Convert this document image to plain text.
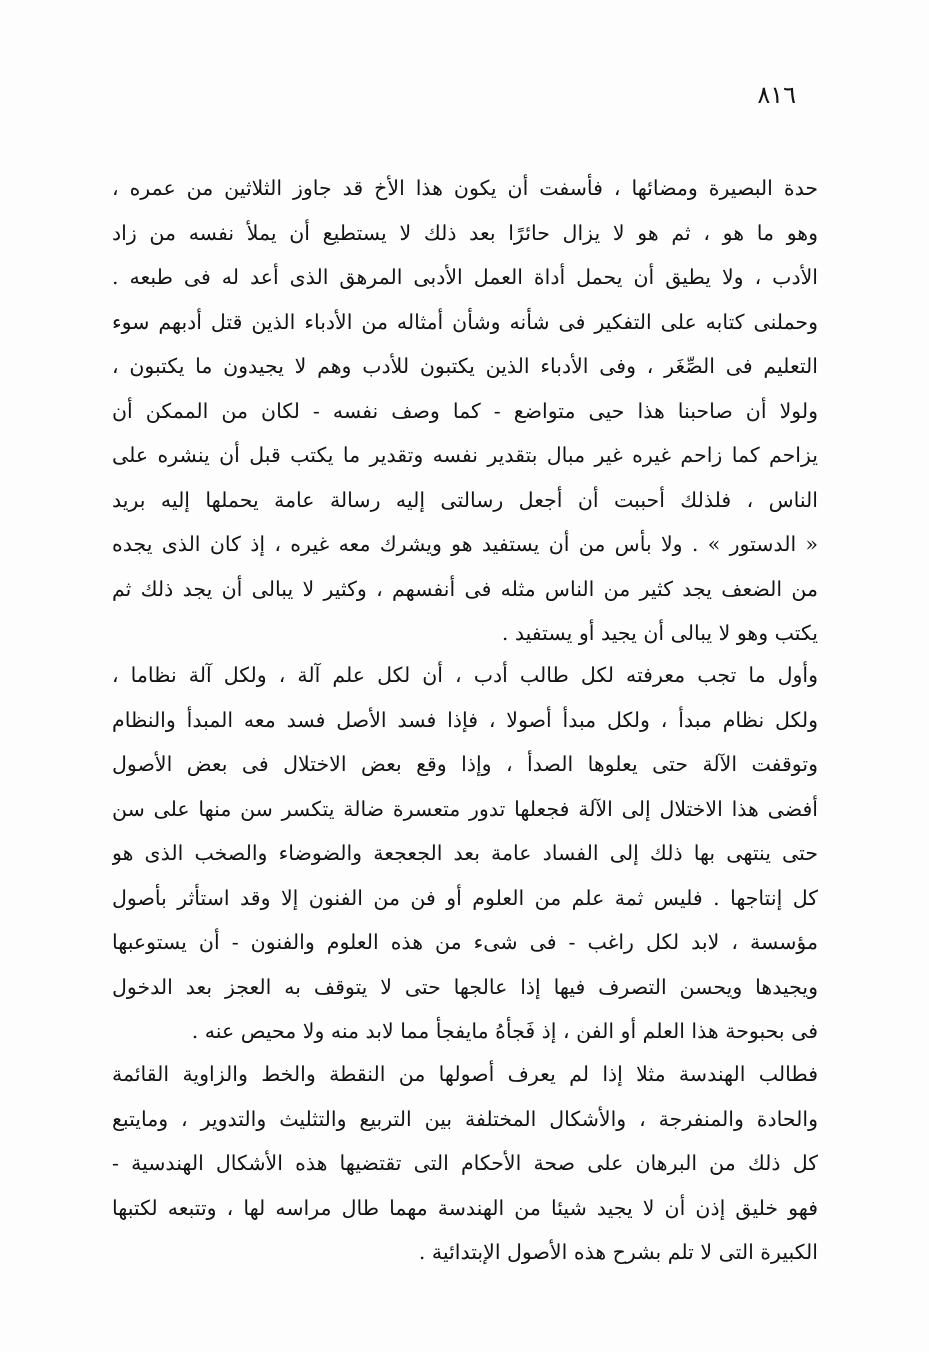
٨١٦
حدة البصيرة ومضائها ، فأسفت أن يكون هذا الأخ قد جاوز الثلاثين من عمره ،
وهو ما هو ، ثم هو لا يزال حائرًا بعد ذلك لا يستطيع أن يملأ نفسه من زاد
الأدب ، ولا يطيق أن يحمل أداة العمل الأدبى المرهق الذى أعد له فى طبعه .
وحملنى كتابه على التفكير فى شأنه وشأن أمثاله من الأدباء الذين قتل أدبهم سوء
التعليم فى الصِّغَر ، وفى الأدباء الذين يكتبون للأدب وهم لا يجيدون ما يكتبون ،
ولولا أن صاحبنا هذا حيى متواضع - كما وصف نفسه - لكان من الممكن أن
يزاحم كما زاحم غيره غير مبال بتقدير نفسه وتقدير ما يكتب قبل أن ينشره على
الناس ، فلذلك أحببت أن أجعل رسالتى إليه رسالة عامة يحملها إليه بريد
« الدستور » . ولا بأس من أن يستفيد هو ويشرك معه غيره ، إذ كان الذى يجده
من الضعف يجد كثير من الناس مثله فى أنفسهم ، وكثير لا يبالى أن يجد ذلك ثم
يكتب وهو لا يبالى أن يجيد أو يستفيد .
وأول ما تجب معرفته لكل طالب أدب ، أن لكل علم آلة ، ولكل آلة نظاما ،
ولكل نظام مبدأ ، ولكل مبدأ أصولا ، فإذا فسد الأصل فسد معه المبدأ والنظام
وتوقفت الآلة حتى يعلوها الصدأ ، وإذا وقع بعض الاختلال فى بعض الأصول
أفضى هذا الاختلال إلى الآلة فجعلها تدور متعسرة ضالة يتكسر سن منها على سن
حتى ينتهى بها ذلك إلى الفساد عامة بعد الجعجعة والضوضاء والصخب الذى هو
كل إنتاجها . فليس ثمة علم من العلوم أو فن من الفنون إلا وقد استأثر بأصول
مؤسسة ، لابد لكل راغب - فى شىء من هذه العلوم والفنون - أن يستوعبها
ويجيدها ويحسن التصرف فيها إذا عالجها حتى لا يتوقف به العجز بعد الدخول
فى بحبوحة هذا العلم أو الفن ، إذ فَجأهُ مايفجأ مما لابد منه ولا محيص عنه .
فطالب الهندسة مثلا إذا لم يعرف أصولها من النقطة والخط والزاوية القائمة
والحادة والمنفرجة ، والأشكال المختلفة بين التربيع والتثليث والتدوير ، ومايتبع
كل ذلك من البرهان على صحة الأحكام التى تقتضيها هذه الأشكال الهندسية -
فهو خليق إذن أن لا يجيد شيئا من الهندسة مهما طال مراسه لها ، وتتبعه لكتبها
الكبيرة التى لا تلم بشرح هذه الأصول الإبتدائية .
